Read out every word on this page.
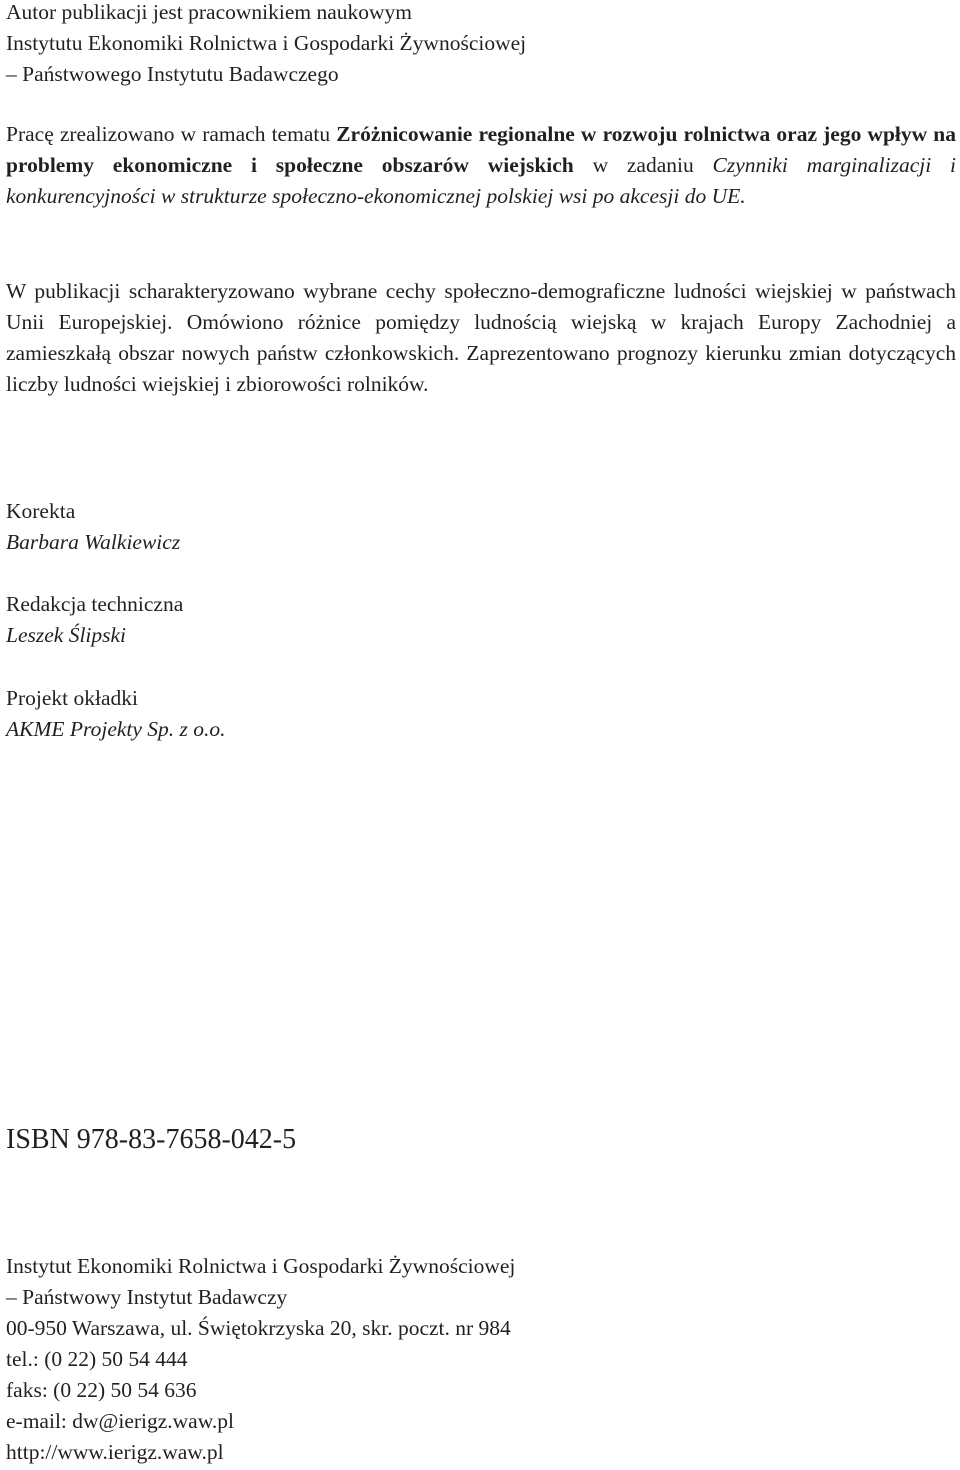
Autor publikacji jest pracownikiem naukowym
Instytutu Ekonomiki Rolnictwa i Gospodarki Żywnościowej
– Państwowego Instytutu Badawczego

Pracę zrealizowano w ramach tematu Zróżnicowanie regionalne w rozwoju rolnictwa oraz jego wpływ na problemy ekonomiczne i społeczne obszarów wiejskich w zadaniu Czynniki marginalizacji i konkurencyjności w strukturze społeczno-ekonomicznej polskiej wsi po akcesji do UE.

W publikacji scharakteryzowano wybrane cechy społeczno-demograficzne ludności wiejskiej w państwach Unii Europejskiej. Omówiono różnice pomiędzy ludnością wiejską w krajach Europy Zachodniej a zamieszkałą obszar nowych państw członkowskich. Zaprezentowano prognozy kierunku zmian dotyczących liczby ludności wiejskiej i zbiorowości rolników.

Korekta
Barbara Walkiewicz
Redakcja techniczna
Leszek Ślipski
Projekt okładki
AKME Projekty Sp. z o.o.

ISBN 978-83-7658-042-5

Instytut Ekonomiki Rolnictwa i Gospodarki Żywnościowej
– Państwowy Instytut Badawczy
00-950 Warszawa, ul. Świętokrzyska 20, skr. poczt. nr 984
tel.: (0 22) 50 54 444
faks: (0 22) 50 54 636
e-mail: dw@ierigz.waw.pl
http://www.ierigz.waw.pl
